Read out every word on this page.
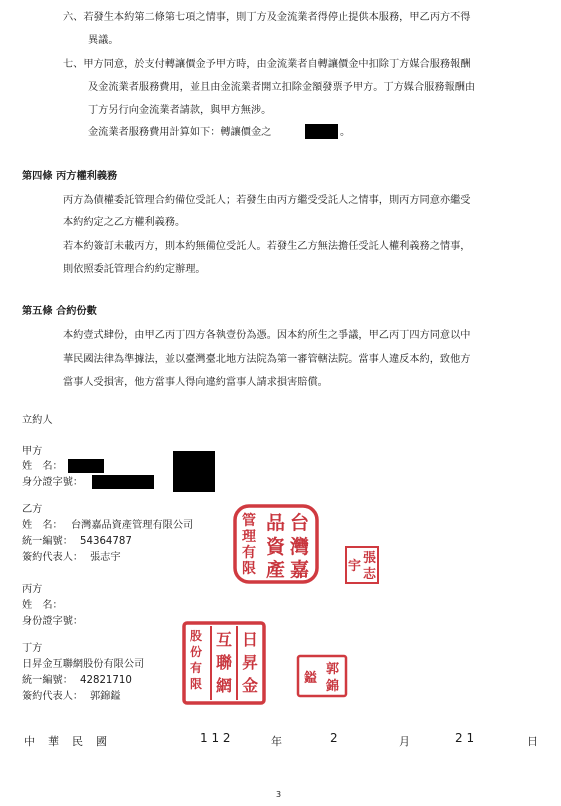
六、若發生本約第二條第七項之情事，則丁方及金流業者得停止提供本服務，甲乙丙方不得
異議。
七、甲方同意，於支付轉讓價金予甲方時，由金流業者自轉讓價金中扣除丁方媒合服務報酬
及金流業者服務費用，並且由金流業者開立扣除金額發票予甲方。丁方媒合服務報酬由
丁方另行向金流業者請款，與甲方無涉。
金流業者服務費用計算如下：轉讓價金之	。
第四條 丙方權利義務
丙方為債權委託管理合約備位受託人；若發生由丙方繼受受託人之情事，則丙方同意亦繼受
本約約定之乙方權利義務。
若本約簽訂未載丙方，則本約無備位受託人。若發生乙方無法擔任受託人權利義務之情事，
則依照委託管理合約約定辦理。
第五條 合約份數
本約壹式肆份，由甲乙丙丁四方各執壹份為憑。因本約所生之爭議，甲乙丙丁四方同意以中
華民國法律為準據法，並以臺灣臺北地方法院為第一審管轄法院。當事人違反本約，致他方
當事人受損害，他方當事人得向違約當事人請求損害賠償。
立約人
甲方
姓　名：
身分證字號：
乙方
姓　名： 台灣嘉品資產管理有限公司
統一編號： 54364787
簽約代表人： 張志宇
台
灣
嘉
品
資
產
管
理
有
限
張
志
宇
丙方
姓　名：
身份證字號：
丁方
日昇金互聯網股份有限公司
統一編號： 42821710
簽約代表人： 郭錦鎰
日
昇
金
互
聯
網
股
份
有
限
郭
錦
鎰
中 華 民 國	1 1 2	年	2	月	2 1	日
3
